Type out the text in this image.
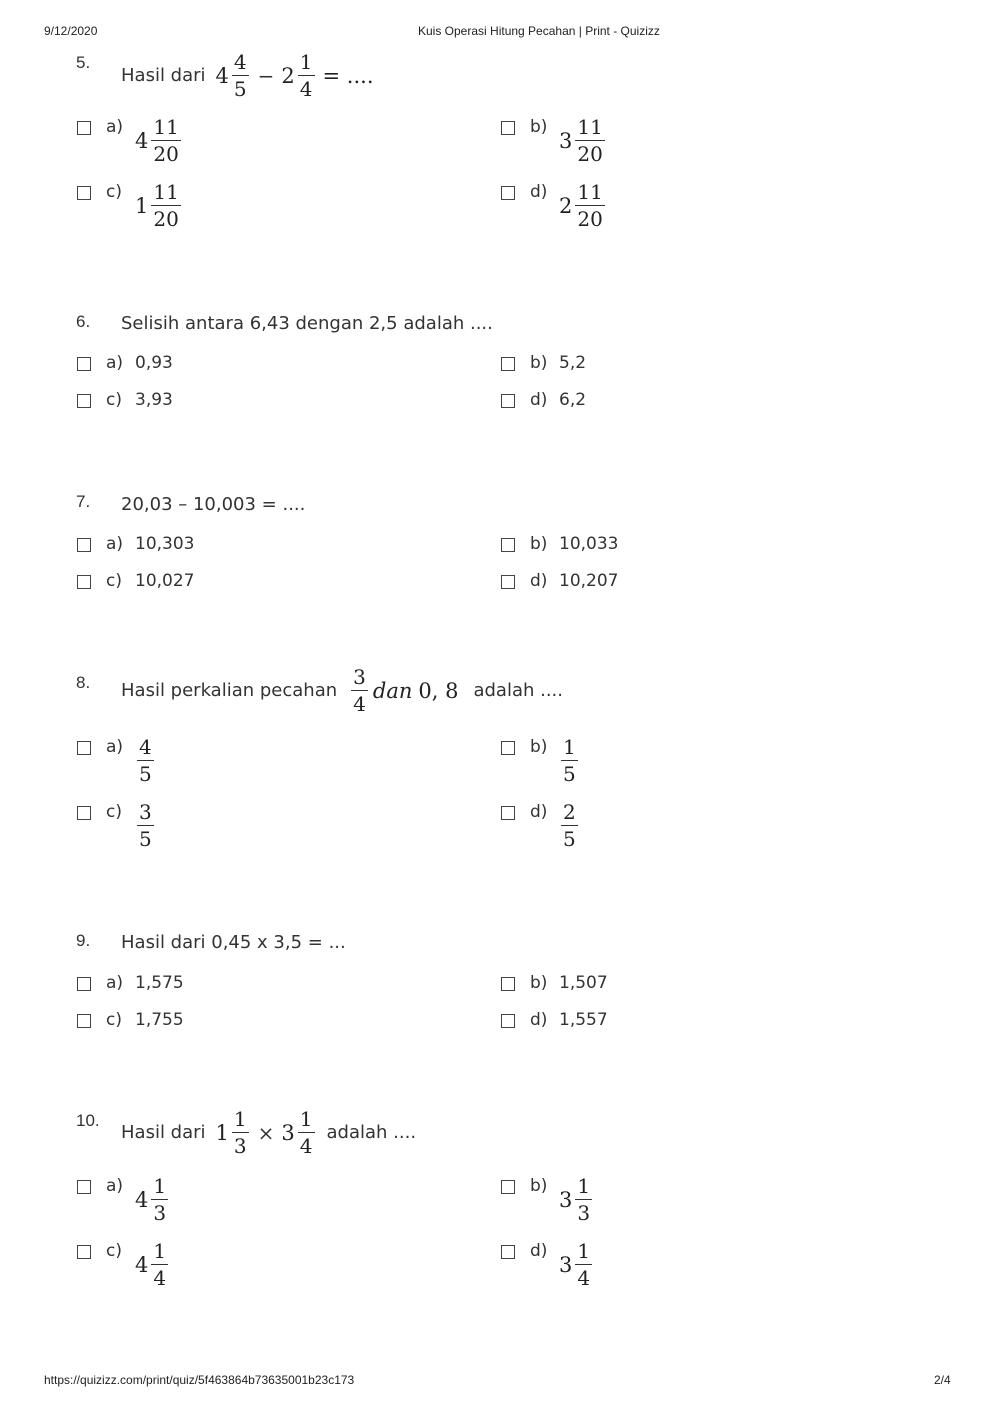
9/12/2020	Kuis Operasi Hitung Pecahan | Print - Quizizz
https://quizizz.com/print/quiz/5f463864b73635001b23c173	2/4
5.
Hasil dari $4 \frac{4}{5} - 2 \frac{1}{4}$ = ....
a)
$4 \frac{11}{20}$	b)
$3 \frac{11}{20}$
c)
$1 \frac{11}{20}$	d)
$2 \frac{11}{20}$
6. Selisih antara 6,43 dengan 2,5 adalah ....
a) 0,93	b) 5,2
c) 3,93	d) 6,2
7. 20,03 – 10,003 = ....
a) 10,303	b) 10,033
c) 10,027	d) 10,207
8. Hasil perkalian pecahan $\frac{3}{4}$ dan 0, 8 adalah ....
$a) \frac{4}{5}$	$b) \frac{1}{5}$
$c) \frac{3}{5}$	$d) \frac{2}{5}$
9. Hasil dari 0,45 x 3,5 = ...
a) 1,575	b) 1,507
c) 1,755	d) 1,557
10.
Hasil dari $1 \frac{1}{3} \times 3 \frac{1}{4}$ adalah ....
a)
$4 \frac{1}{3}$	b)
$3 \frac{1}{3}$
c)
$4 \frac{1}{4}$	d)
$3 \frac{1}{4}$
